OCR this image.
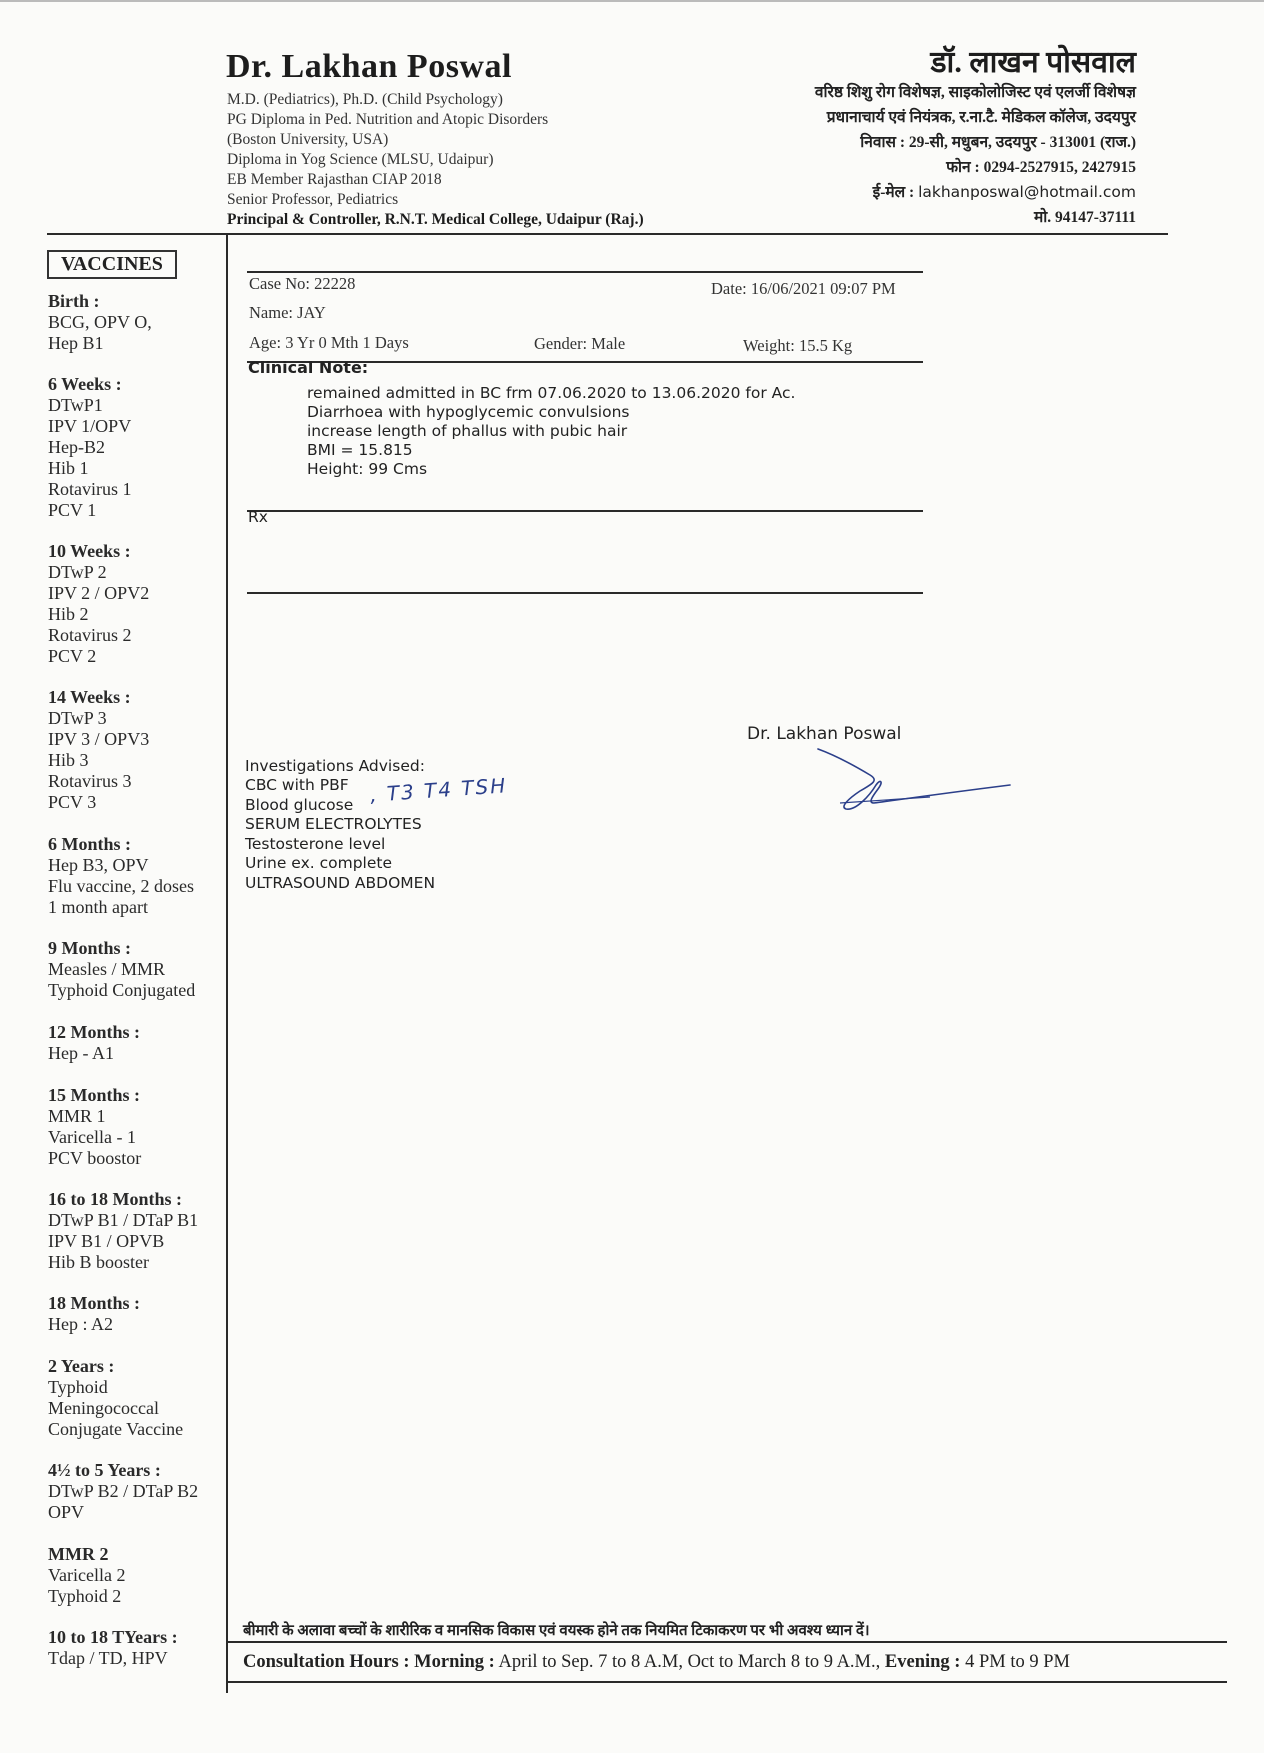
Dr. Lakhan Poswal
M.D. (Pediatrics), Ph.D. (Child Psychology)
PG Diploma in Ped. Nutrition and Atopic Disorders
(Boston University, USA)
Diploma in Yog Science (MLSU, Udaipur)
EB Member Rajasthan CIAP 2018
Senior Professor, Pediatrics
Principal & Controller, R.N.T. Medical College, Udaipur (Raj.)
डॉ. लाखन पोसवाल
वरिष्ठ शिशु रोग विशेषज्ञ, साइकोलोजिस्ट एवं एलर्जी विशेषज्ञ
प्रधानाचार्य एवं नियंत्रक, र.ना.टै. मेडिकल कॉलेज, उदयपुर
निवास : 29-सी, मधुबन, उदयपुर - 313001 (राज.)
फोन : 0294-2527915, 2427915
ई-मेल : lakhanposwal@hotmail.com
मो. 94147-37111
VACCINES
Birth :
BCG, OPV O,
Hep B1
6 Weeks :
DTwP1
IPV 1/OPV
Hep-B2
Hib 1
Rotavirus 1
PCV 1
10 Weeks :
DTwP 2
IPV 2 / OPV2
Hib 2
Rotavirus 2
PCV 2
14 Weeks :
DTwP 3
IPV 3 / OPV3
Hib 3
Rotavirus 3
PCV 3
6 Months :
Hep B3, OPV
Flu vaccine, 2 doses
1 month apart
9 Months :
Measles / MMR
Typhoid Conjugated
12 Months :
Hep - A1
15 Months :
MMR 1
Varicella - 1
PCV boostor
16 to 18 Months :
DTwP B1 / DTaP B1
IPV B1 / OPVB
Hib B booster
18 Months :
Hep : A2
2 Years :
Typhoid
Meningococcal
Conjugate Vaccine
4½ to 5 Years :
DTwP B2 / DTaP B2
OPV
MMR 2
Varicella 2
Typhoid 2
10 to 18 TYears :
Tdap / TD, HPV
Case No: 22228	Date: 16/06/2021 09:07 PM
Name: JAY
Age: 3 Yr 0 Mth 1 Days	Gender: Male	Weight: 15.5 Kg
Clinical Note:
remained admitted in BC frm 07.06.2020 to 13.06.2020 for Ac.
Diarrhoea with hypoglycemic convulsions
increase length of phallus with pubic hair
BMI = 15.815
Height: 99 Cms
Rx
Dr. Lakhan Poswal
Investigations Advised:
CBC with PBF
Blood glucose
SERUM ELECTROLYTES
Testosterone level
Urine ex. complete
ULTRASOUND ABDOMEN
, T3 T4 TSH
बीमारी के अलावा बच्चों के शारीरिक व मानसिक विकास एवं वयस्क होने तक नियमित टिकाकरण पर भी अवश्य ध्यान दें।
Consultation Hours : Morning : April to Sep. 7 to 8 A.M, Oct to March 8 to 9 A.M., Evening : 4 PM to 9 PM
